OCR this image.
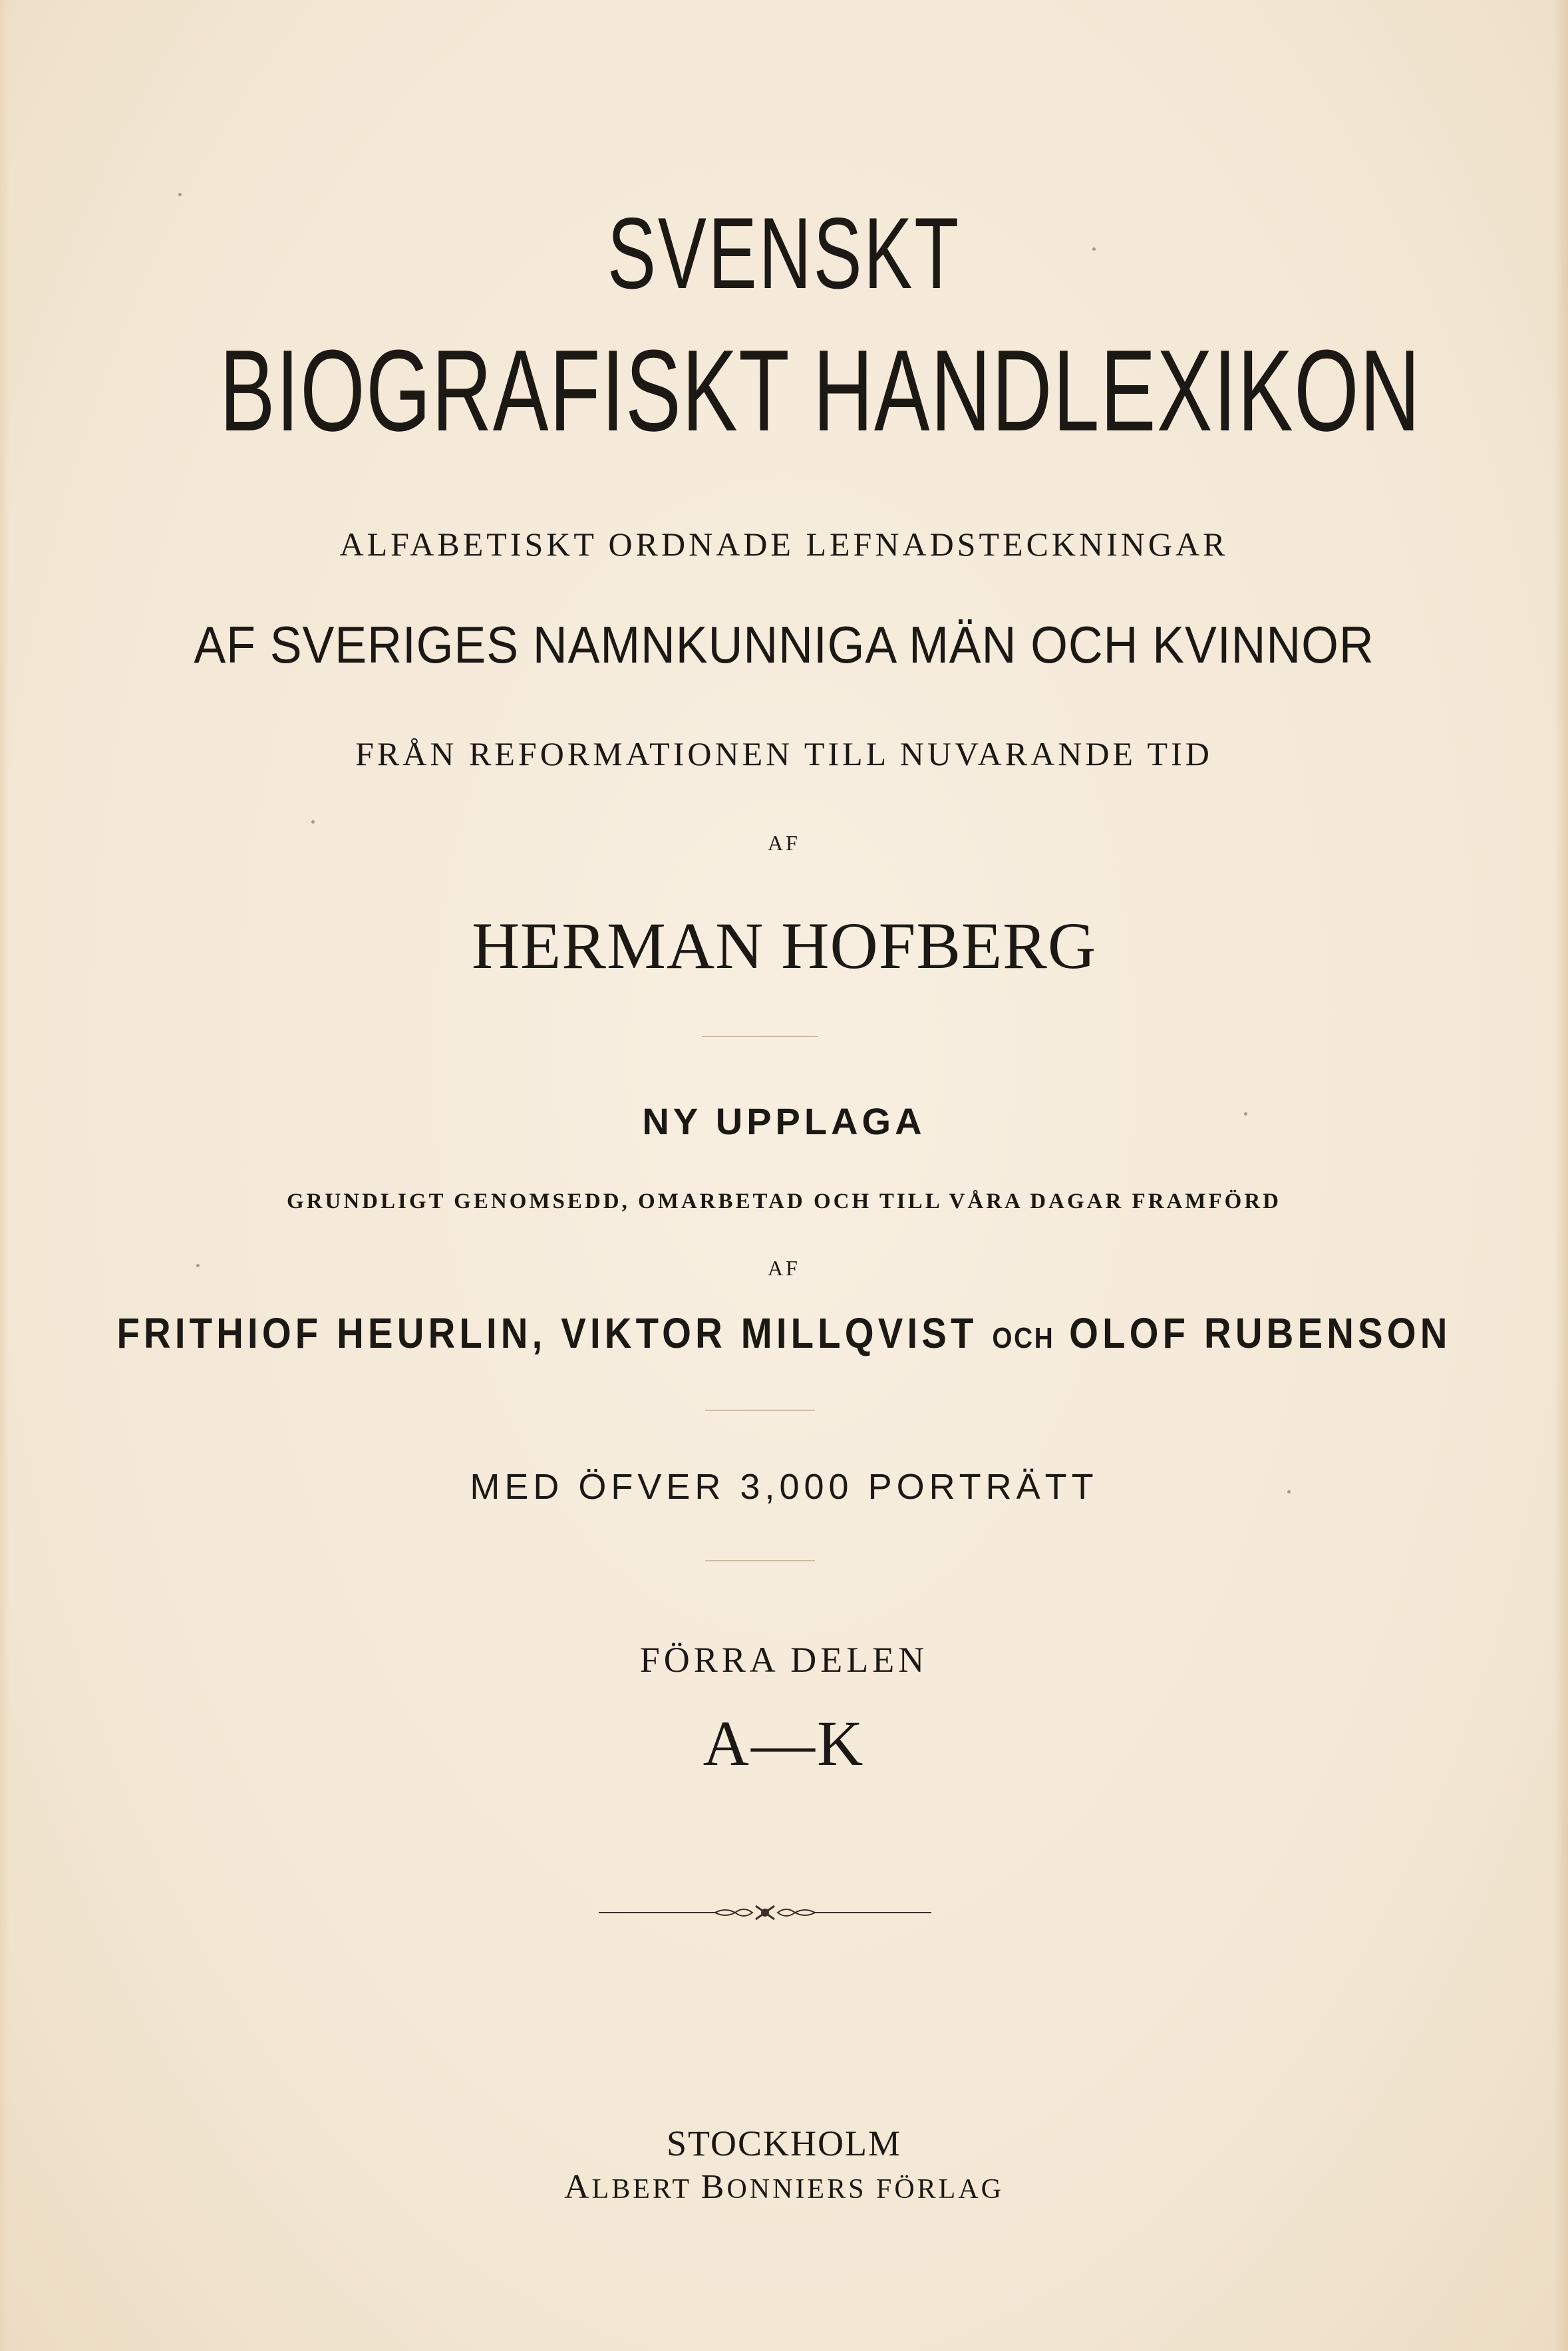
SVENSKT
BIOGRAFISKT HANDLEXIKON
ALFABETISKT ORDNADE LEFNADSTECKNINGAR
AF SVERIGES NAMNKUNNIGA MÄN OCH KVINNOR
FRÅN REFORMATIONEN TILL NUVARANDE TID
AF
HERMAN HOFBERG
NY UPPLAGA
GRUNDLIGT GENOMSEDD, OMARBETAD OCH TILL VÅRA DAGAR FRAMFÖRD
AF
FRITHIOF HEURLIN, VIKTOR MILLQVIST OCH OLOF RUBENSON
MED ÖFVER 3,000 PORTRÄTT
FÖRRA DELEN
A—K
STOCKHOLM
ALBERT BONNIERS FÖRLAG
